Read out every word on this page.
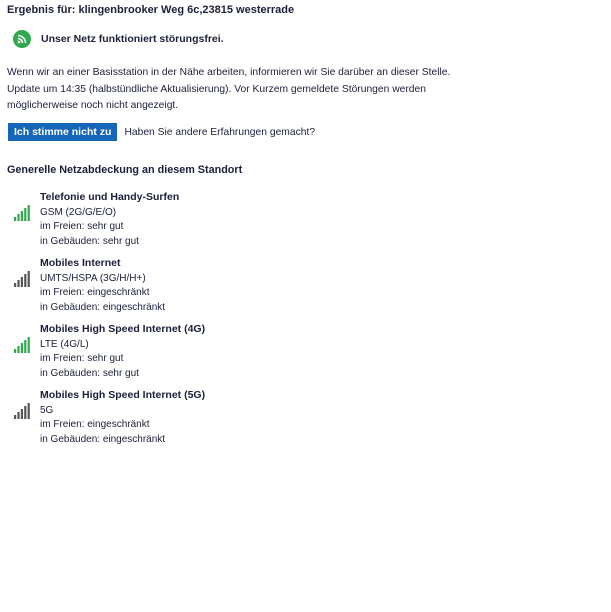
Ergebnis für: klingenbrooker Weg 6c,23815 westerrade
Unser Netz funktioniert störungsfrei.
Wenn wir an einer Basisstation in der Nähe arbeiten, informieren wir Sie darüber an dieser Stelle.
Update um 14:35 (halbstündliche Aktualisierung). Vor Kurzem gemeldete Störungen werden möglicherweise noch nicht angezeigt.
Ich stimme nicht zu	Haben Sie andere Erfahrungen gemacht?
Generelle Netzabdeckung an diesem Standort
Telefonie und Handy-Surfen
GSM (2G/G/E/O)
im Freien: sehr gut
in Gebäuden: sehr gut
Mobiles Internet
UMTS/HSPA (3G/H/H+)
im Freien: eingeschränkt
in Gebäuden: eingeschränkt
Mobiles High Speed Internet (4G)
LTE (4G/L)
im Freien: sehr gut
in Gebäuden: sehr gut
Mobiles High Speed Internet (5G)
5G
im Freien: eingeschränkt
in Gebäuden: eingeschränkt
